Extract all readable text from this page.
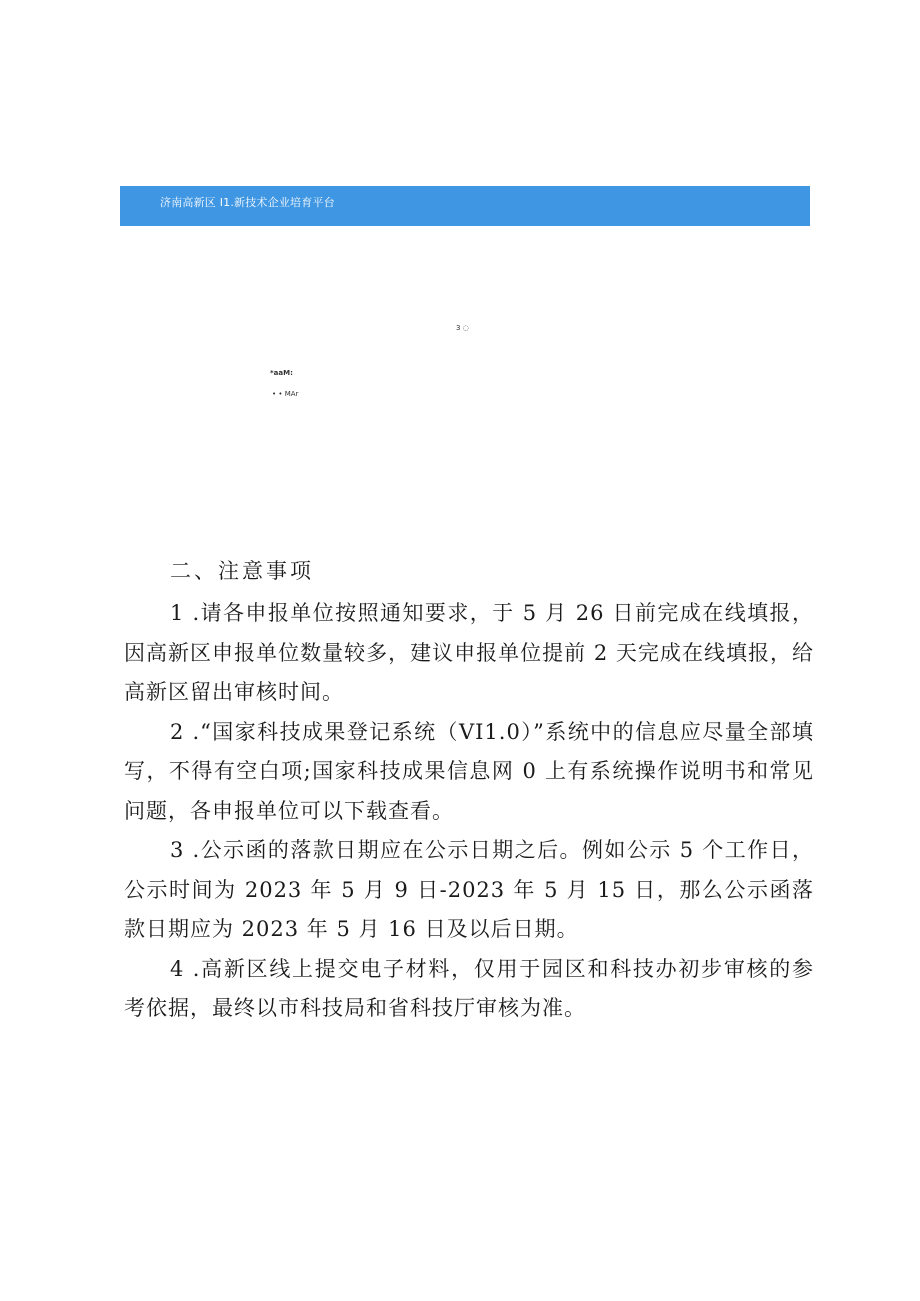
济南高新区 I1.新技术企业培育平台
3 ◌
*aaM:
• • MAr
二、注意事项

1 .请各申报单位按照通知要求，于 5 月 26 日前完成在线填报，因高新区申报单位数量较多，建议申报单位提前 2 天完成在线填报，给高新区留出审核时间。

2 .“国家科技成果登记系统（VI1.0）”系统中的信息应尽量全部填写，不得有空白项;国家科技成果信息网 0 上有系统操作说明书和常见问题，各申报单位可以下载查看。

3 .公示函的落款日期应在公示日期之后。例如公示 5 个工作日，公示时间为 2023 年 5 月 9 日-2023 年 5 月 15 日，那么公示函落款日期应为 2023 年 5 月 16 日及以后日期。

4 .高新区线上提交电子材料，仅用于园区和科技办初步审核的参考依据，最终以市科技局和省科技厅审核为准。
